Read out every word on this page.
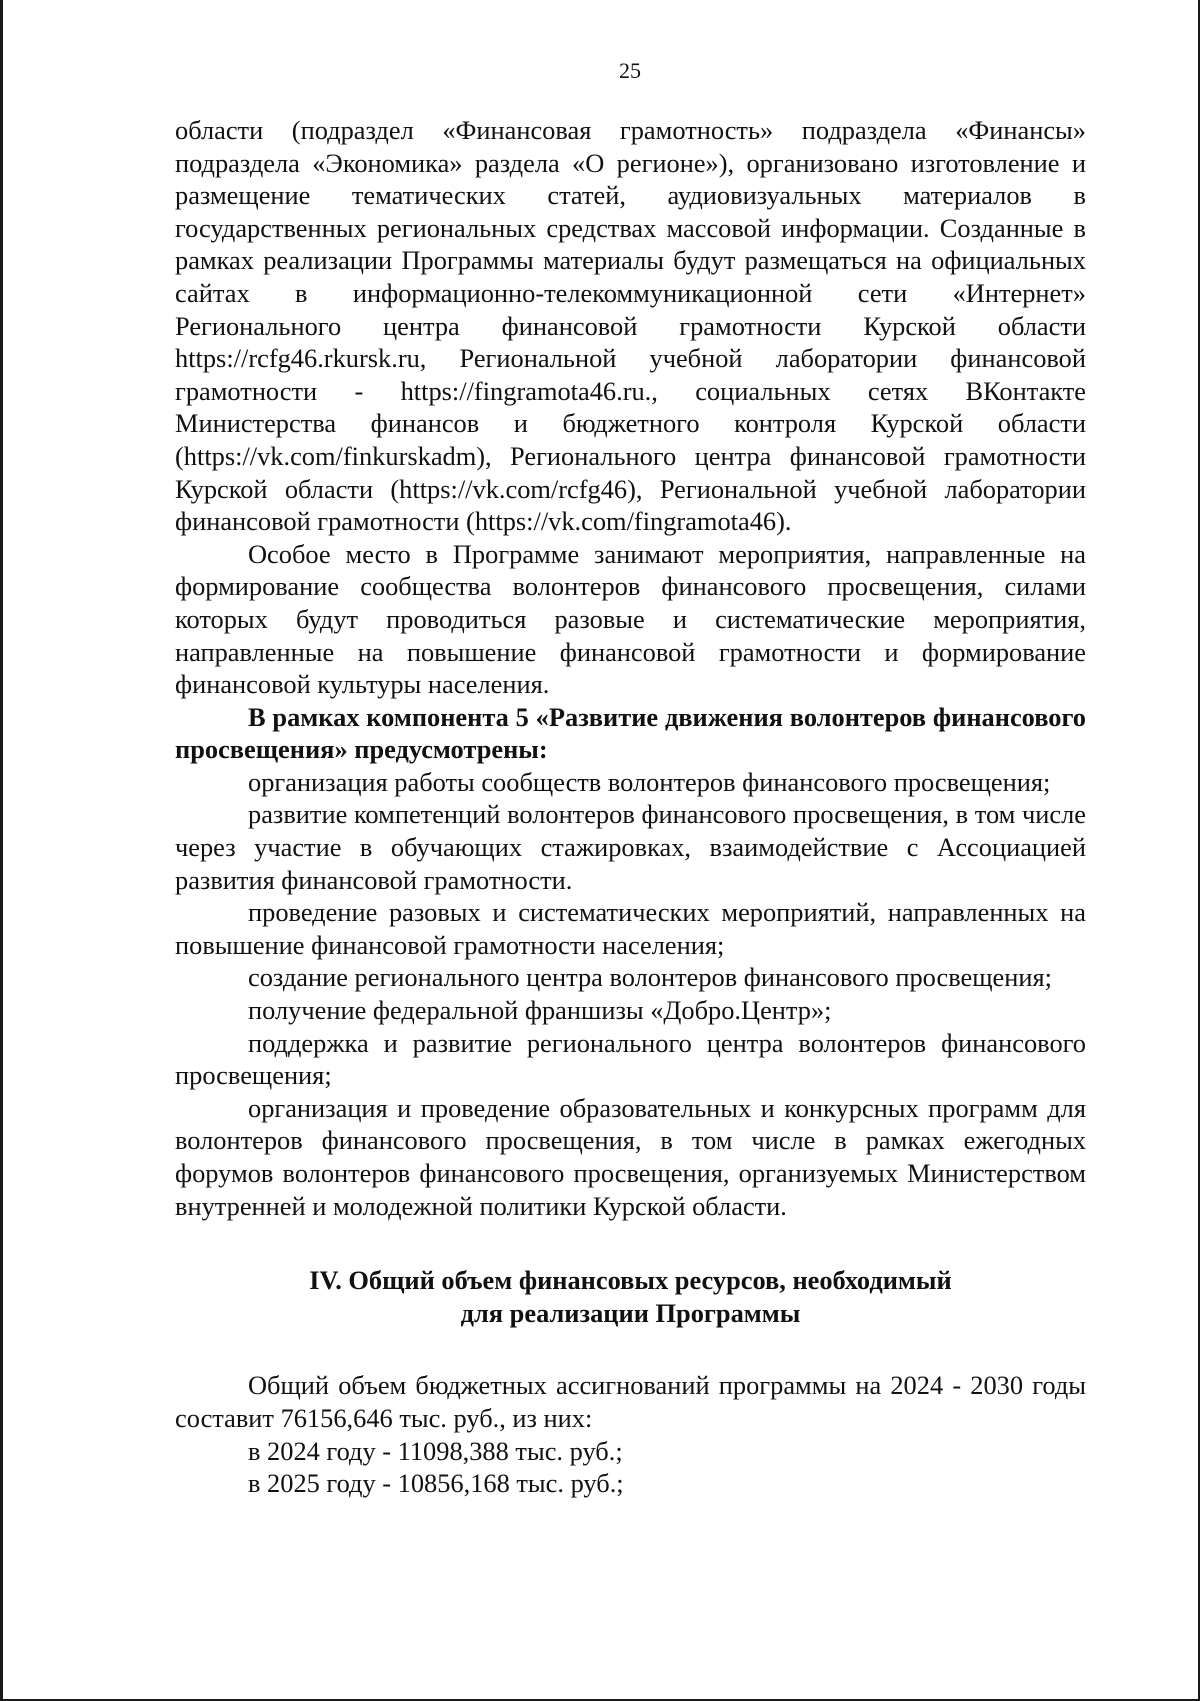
25

области (подраздел «Финансовая грамотность» подраздела «Финансы» подраздела «Экономика» раздела «О регионе»), организовано изготовление и размещение тематических статей, аудиовизуальных материалов в государственных региональных средствах массовой информации. Созданные в рамках реализации Программы материалы будут размещаться на официальных сайтах в информационно-телекоммуникационной сети «Интернет» Регионального центра финансовой грамотности Курской области https://rcfg46.rkursk.ru, Региональной учебной лаборатории финансовой грамотности - https://fingramota46.ru., социальных сетях ВКонтакте Министерства финансов и бюджетного контроля Курской области (https://vk.com/finkurskadm), Регионального центра финансовой грамотности Курской области (https://vk.com/rcfg46), Региональной учебной лаборатории финансовой грамотности (https://vk.com/fingramota46).

Особое место в Программе занимают мероприятия, направленные на формирование сообщества волонтеров финансового просвещения, силами которых будут проводиться разовые и систематические мероприятия, направленные на повышение финансовой грамотности и формирование финансовой культуры населения.

В рамках компонента 5 «Развитие движения волонтеров финансового просвещения» предусмотрены:

организация работы сообществ волонтеров финансового просвещения;

развитие компетенций волонтеров финансового просвещения, в том числе через участие в обучающих стажировках, взаимодействие с Ассоциацией развития финансовой грамотности.

проведение разовых и систематических мероприятий, направленных на повышение финансовой грамотности населения;

создание регионального центра волонтеров финансового просвещения;

получение федеральной франшизы «Добро.Центр»;

поддержка и развитие регионального центра волонтеров финансового просвещения;

организация и проведение образовательных и конкурсных программ для волонтеров финансового просвещения, в том числе в рамках ежегодных форумов волонтеров финансового просвещения, организуемых Министерством внутренней и молодежной политики Курской области.

IV. Общий объем финансовых ресурсов, необходимый
для реализации Программы

Общий объем бюджетных ассигнований программы на 2024 - 2030 годы составит 76156,646 тыс. руб., из них:

в 2024 году - 11098,388 тыс. руб.;

в 2025 году - 10856,168 тыс. руб.;
